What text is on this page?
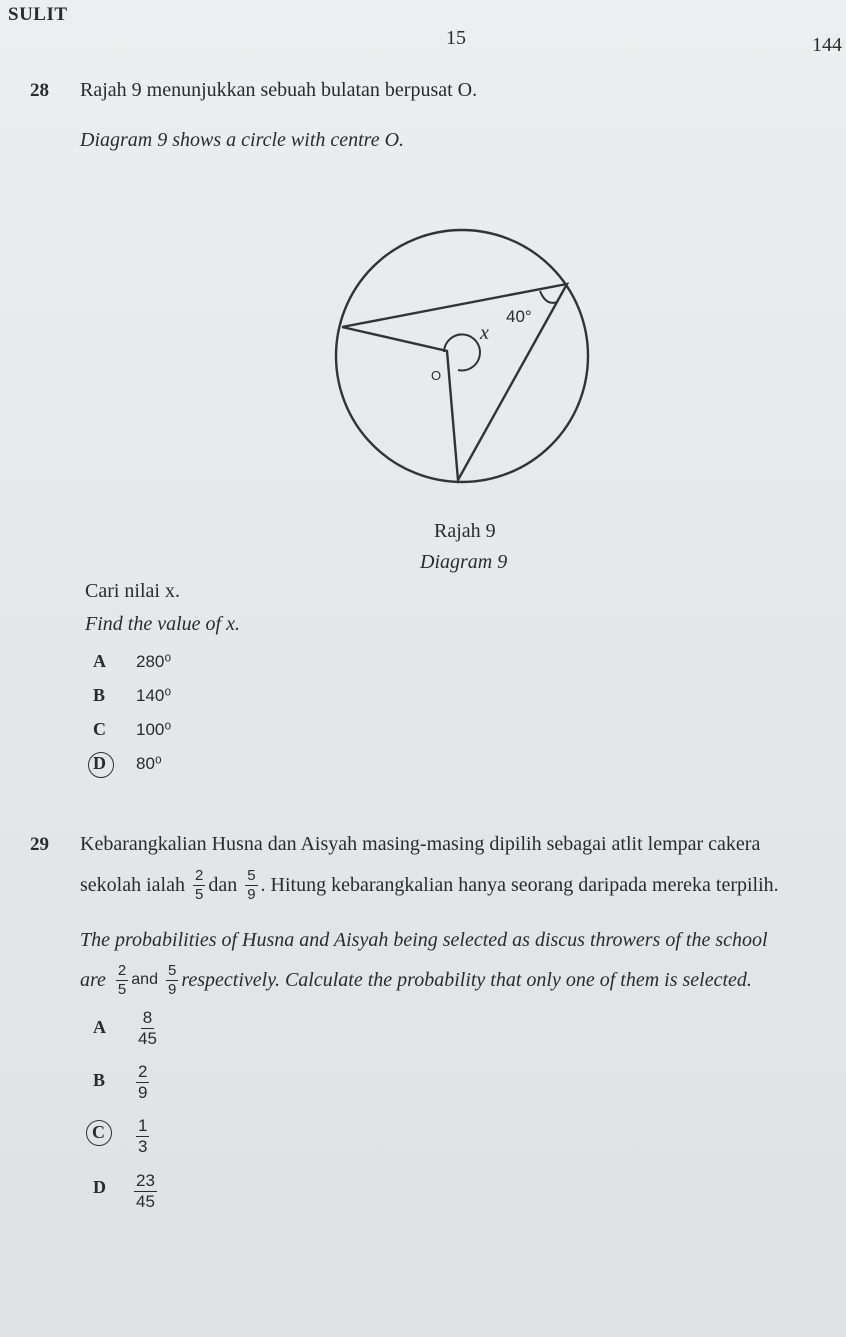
SULIT
15	144
28 Rajah 9 menunjukkan sebuah bulatan berpusat O.
Diagram 9 shows a circle with centre O.
40°
x
O
Rajah 9
Diagram 9
Cari nilai x.
Find the value of x.
A 280⁰
B 140⁰
C 100⁰
D 80⁰
29 Kebarangkalian Husna dan Aisyah masing-masing dipilih sebagai atlit lempar cakera
sekolah ialah $\frac{2}{5}$ dan $\frac{5}{9}$ . Hitung kebarangkalian hanya seorang daripada mereka terpilih.
The probabilities of Husna and Aisyah being selected as discus throwers of the school
are $\frac{2}{5}$ and $\frac{5}{9}$ respectively. Calculate the probability that only one of them is selected.
A $\frac{8}{45}$
B $\frac{2}{9}$
C $\frac{1}{3}$
D $\frac{23}{45}$
